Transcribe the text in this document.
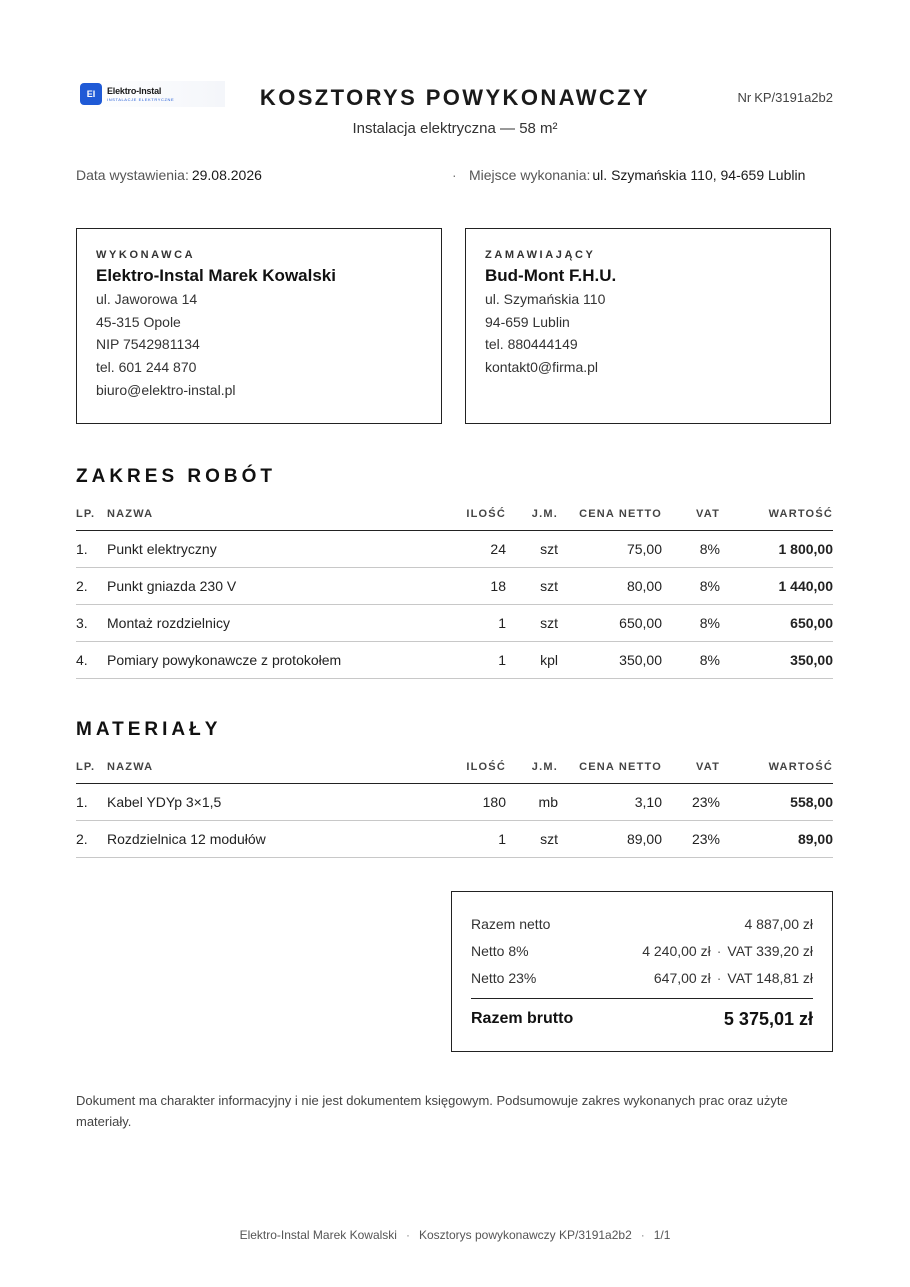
EI	Elektro-Instal
INSTALACJE ELEKTRYCZNE	KOSZTORYS POWYKONAWCZY
Instalacja elektryczna — 58 m²
Nr KP/3191a2b2
Data wystawienia: 29.08.2026	· Miejsce wykonania: ul. Szymańskia 110, 94-659 Lublin
WYKONAWCA
Elektro-Instal Marek Kowalski
ul. Jaworowa 14
45-315 Opole
NIP 7542981134
tel. 601 244 870
biuro@elektro-instal.pl
ZAMAWIAJĄCY
Bud-Mont F.H.U.
ul. Szymańskia 110
94-659 Lublin
tel. 880444149
kontakt0@firma.pl
ZAKRES ROBÓT
LP.	NAZWA	ILOŚĆ	J.M.	CENA NETTO	VAT	WARTOŚĆ
1.	Punkt elektryczny	24	szt	75,00	8%	1 800,00
2.	Punkt gniazda 230 V	18	szt	80,00	8%	1 440,00
3.	Montaż rozdzielnicy	1	szt	650,00	8%	650,00
4.	Pomiary powykonawcze z protokołem	1	kpl	350,00	8%	350,00
MATERIAŁY
LP.	NAZWA	ILOŚĆ	J.M.	CENA NETTO	VAT	WARTOŚĆ
1.	Kabel YDYp 3×1,5	180	mb	3,10	23%	558,00
2.	Rozdzielnica 12 modułów	1	szt	89,00	23%	89,00
Razem netto	4 887,00 zł
Netto 8%	4 240,00 zł · VAT 339,20 zł
Netto 23%	647,00 zł · VAT 148,81 zł
Razem brutto	5 375,01 zł
Dokument ma charakter informacyjny i nie jest dokumentem księgowym. Podsumowuje zakres wykonanych prac oraz użyte materiały.
Elektro-Instal Marek Kowalski · Kosztorys powykonawczy KP/3191a2b2 · 1/1
